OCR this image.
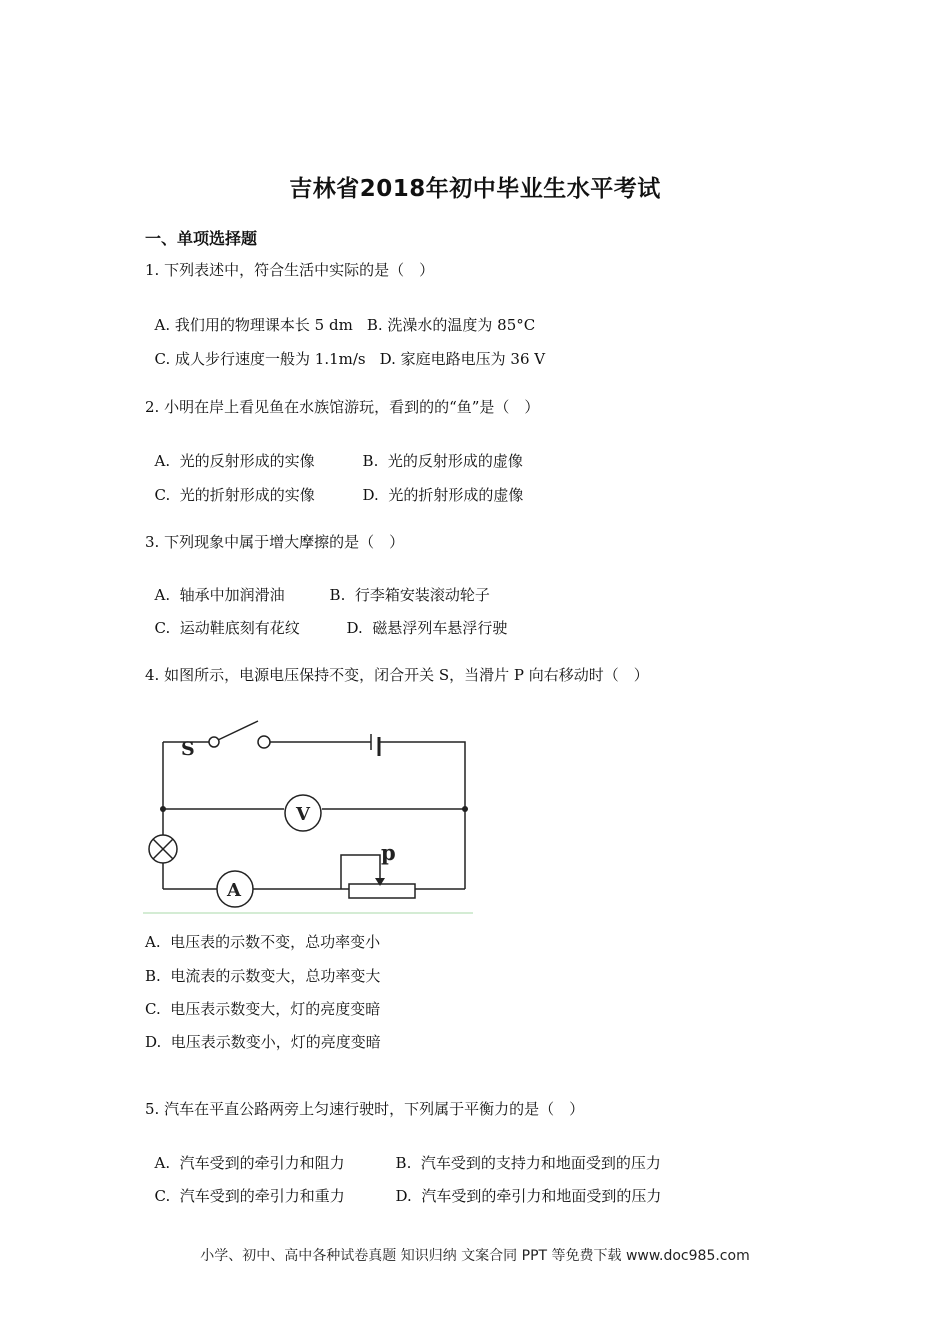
吉林省2018年初中毕业生水平考试
一、单项选择题
1. 下列表述中，符合生活中实际的是（　）

A. 我们用的物理课本长 5 dm B. 洗澡水的温度为 85°C

C. 成人步行速度一般为 1.1m/s D. 家庭电路电压为 36 V

2. 小明在岸上看见鱼在水族馆游玩，看到的的“鱼”是（　）

A.  光的反射形成的实像	B.  光的反射形成的虚像

C.  光的折射形成的实像	D.  光的折射形成的虚像

3. 下列现象中属于增大摩擦的是（　）

A.  轴承中加润滑油	B.  行李箱安装滚动轮子

C.  运动鞋底刻有花纹	D.  磁悬浮列车悬浮行驶

4. 如图所示，电源电压保持不变，闭合开关 S，当滑片 P 向右移动时（　）
S
V
A
p
A.  电压表的示数不变，总功率变小
B.  电流表的示数变大，总功率变大
C.  电压表示数变大，灯的亮度变暗
D.  电压表示数变小，灯的亮度变暗
5. 汽车在平直公路两旁上匀速行驶时，下列属于平衡力的是（　）

A.  汽车受到的牵引力和阻力	B.  汽车受到的支持力和地面受到的压力

C.  汽车受到的牵引力和重力	D.  汽车受到的牵引力和地面受到的压力

小学、初中、高中各种试卷真题 知识归纳 文案合同 PPT 等免费下载 www.doc985.com
